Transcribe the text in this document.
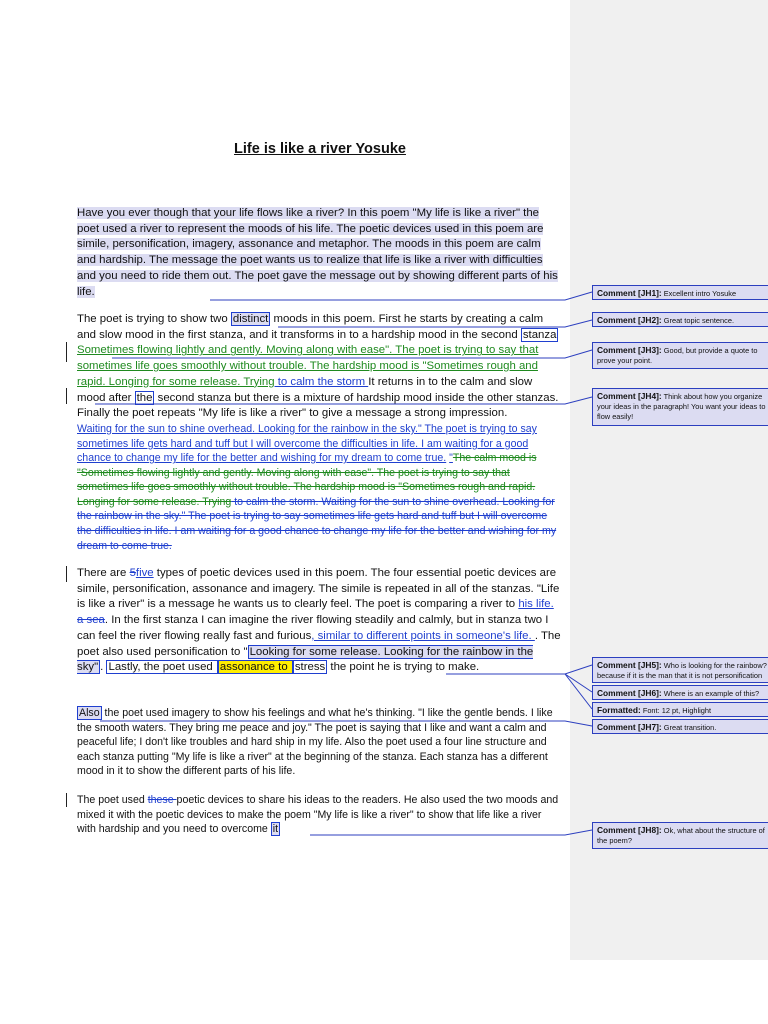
Life is like a river Yosuke

Have you ever though that your life flows like a river? In this poem "My life is like a river" the poet used a river to represent the moods of his life. The poetic devices used in this poem are simile, personification, imagery, assonance and metaphor. The moods in this poem are calm and hardship. The message the poet wants us to realize that life is like a river with difficulties and you need to ride them out. The poet gave the message out by showing different parts of his life.

The poet is trying to show two distinct moods in this poem. First he starts by creating a calm and slow mood in the first stanza, and it transforms in to a hardship mood in the second stanza Sometimes flowing lightly and gently. Moving along with ease". The poet is trying to say that sometimes life goes smoothly without trouble. The hardship mood is "Sometimes rough and rapid. Longing for some release. Trying to calm the storm It returns in to the calm and slow mood after the second stanza but there is a mixture of hardship mood inside the other stanzas. Finally the poet repeats "My life is like a river" to give a message a strong impression.

Waiting for the sun to shine overhead. Looking for the rainbow in the sky." The poet is trying to say sometimes life gets hard and tuff but I will overcome the difficulties in life. I am waiting for a good chance to change my life for the better and wishing for my dream to come true. "The calm mood is "Sometimes flowing lightly and gently. Moving along with ease". The poet is trying to say that sometimes life goes smoothly without trouble. The hardship mood is "Sometimes rough and rapid. Longing for some release. Trying to calm the storm. Waiting for the sun to shine overhead. Looking for the rainbow in the sky." The poet is trying to say sometimes life gets hard and tuff but I will overcome the difficulties in life. I am waiting for a good chance to change my life for the better and wishing for my dream to come true.

There are 5five types of poetic devices used in this poem. The four essential poetic devices are simile, personification, assonance and imagery. The simile is repeated in all of the stanzas. "Life is like a river" is a message he wants us to clearly feel. The poet is comparing a river to his life. a sea. In the first stanza I can imagine the river flowing steadily and calmly, but in stanza two I can feel the river flowing really fast and furious, similar to different points in someone's life. . The poet also used personification to " Looking for some release. Looking for the rainbow in the sky" . Lastly, the poet used assonance to stress the point he is trying to make.

Also the poet used imagery to show his feelings and what he's thinking. "I like the gentle bends. I like the smooth waters. They bring me peace and joy." The poet is saying that I like and want a calm and peaceful life; I don't like troubles and hard ship in my life. Also the poet used a four line structure and each stanza putting "My life is like a river" at the beginning of the stanza. Each stanza has a different mood in it to show the different parts of his life.

The poet used these poetic devices to share his ideas to the readers. He also used the two moods and mixed it with the poetic devices to make the poem "My life is like a river" to show that life like a river with hardship and you need to overcome it

Comment [JH1]: Excellent intro Yosuke
Comment [JH2]: Great topic sentence.
Comment [JH3]: Good, but provide a quote to prove your point.
Comment [JH4]: Think about how you organize your ideas in the paragraph! You want your ideas to flow easily!
Comment [JH5]: Who is looking for the rainbow? because if it is the man that it is not personification
Comment [JH6]: Where is an example of this?
Formatted: Font: 12 pt, Highlight
Comment [JH7]: Great transition.
Comment [JH8]: Ok, what about the structure of the poem?
